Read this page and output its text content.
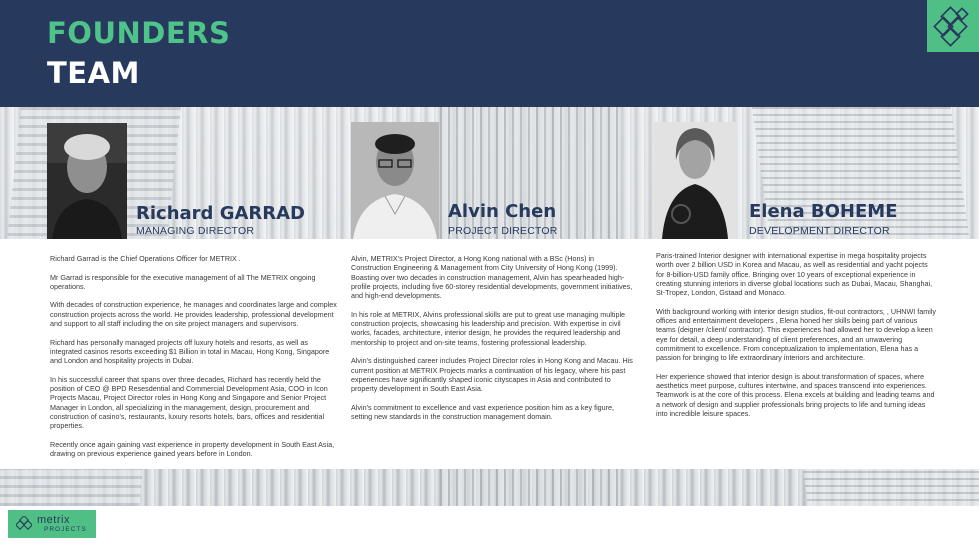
FOUNDERS
TEAM
Richard GARRAD
MANAGING DIRECTOR
Alvin Chen
PROJECT DIRECTOR
Elena BOHEME
DEVELOPMENT DIRECTOR

Richard Garrad is the Chief Operations Officer for METRIX .

Mr Garrad is responsible for the executive management of all The METRIX ongoing operations.

With decades of construction experience, he manages and coordinates large and complex construction projects across the world. He provides leadership, professional development and support to all staff including the on site project managers and supervisors.

Richard has personally managed projects off luxury hotels and resorts, as well as integrated casinos resorts exceeding $1 Billion in total in Macau, Hong Kong, Singapore and London and hospitality projects in Dubai.

In his successful career that spans over three decades, Richard has recently held the position of CEO @ BPD Resesdential and Commercial Development Asia, COO in Icon Projects Macau, Project Director roles in Hong Kong and Singapore and Senior Project Manager in London, all specializing in the management, design, procurement and construction of casino's, restaurants, luxury resorts hotels, bars, offices and residential properties.

Recently once again gaining vast experience in property development in South East Asia, drawing on previous experience gained years before in London.

Alvin, METRIX's Project Director, a Hong Kong national with a BSc (Hons) in Construction Engineering & Management from City University of Hong Kong (1999). Boasting over two decades in construction management, Alvin has spearheaded high-profile projects, including five 60-storey residential developments, government initiatives, and high-end developments.

In his role at METRIX, Alvins professional skills are put to great use managing multiple construction projects, showcasing his leadership and precision. With expertise in civil works, facades, architecture, interior design, he provides the required leadership and mentorship to project and on-site teams, fostering professional leadership.

Alvin's distinguished career includes Project Director roles in Hong Kong and Macau. His current position at METRIX Projects marks a continuation of his legacy, where his past experiences have significantly shaped iconic cityscapes in Asia and contributed to property development in South East Asia.

Alvin's commitment to excellence and vast experience position him as a key figure, setting new standards in the construction management domain.

Paris-trained Interior designer with international expertise in mega hospitality projects worth over 2 billion USD in Korea and Macau, as well as residential and yacht pojects for 8-billion-USD family office. Bringing over 10 years of exceptional experience in creating stunning interiors in diverse global locations such as Dubai, Macau, Shanghai, St-Tropez, London, Gstaad and Monaco.

With background working with interior design studios, fit-out contractors, , UHNWI family offices and entertainment developers , Elena honed her skills being part of various teams (deigner /client/ contractor). This experiences had allowed her to develop a keen eye for detail, a deep understanding of client preferences, and an unwavering commitment to excellence. From conceptualization to implementation, Elena has a passion for bringing to life extraordinary interiors and architecture.

Her experience showed that interior design is about transformation of spaces, where aesthetics meet purpose, cultures intertwine, and spaces transcend into experiences. Teamwork is at the core of this process. Elena excels at building and leading teams and a network of design and supplier professionals bring projects to life and turning ideas into incredible leisure spaces.

metrix
PROJECTS
